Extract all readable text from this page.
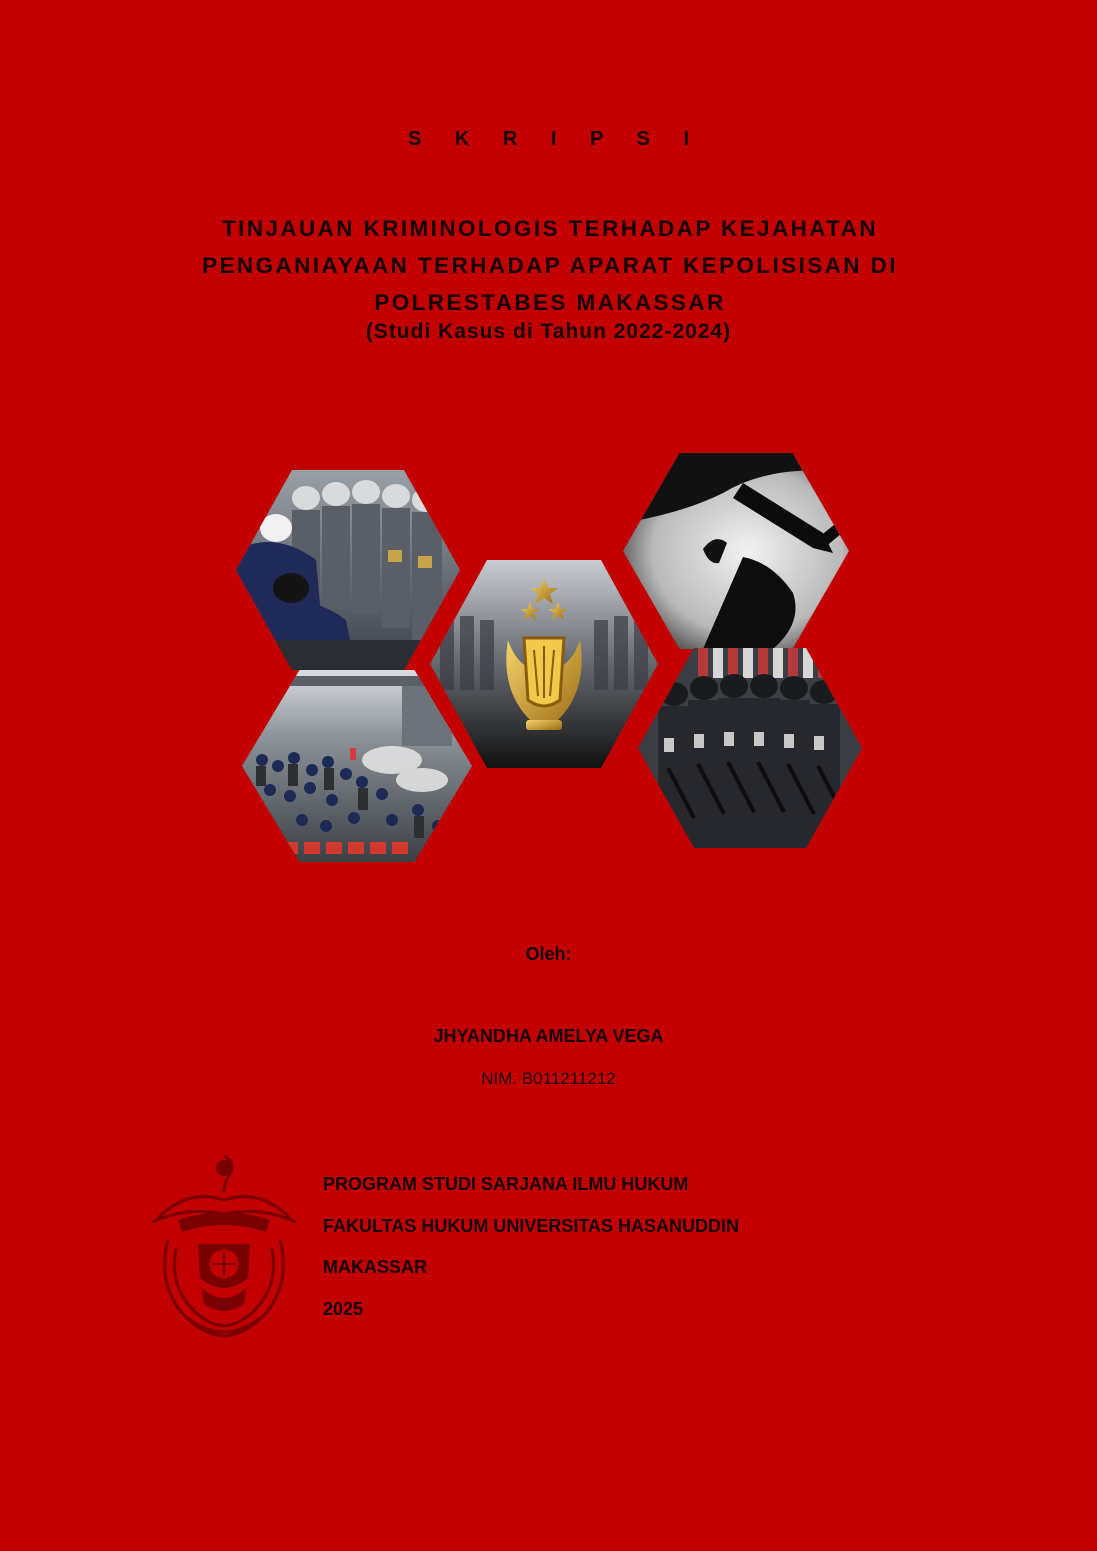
S K R I P S I
TINJAUAN KRIMINOLOGIS TERHADAP KEJAHATAN
PENGANIAYAAN TERHADAP APARAT KEPOLISISAN DI
POLRESTABES MAKASSAR
(Studi Kasus di Tahun 2022-2024)
Oleh:
JHYANDHA AMELYA VEGA
NIM. B011211212
PROGRAM STUDI SARJANA ILMU HUKUM
FAKULTAS HUKUM UNIVERSITAS HASANUDDIN
MAKASSAR
2025
